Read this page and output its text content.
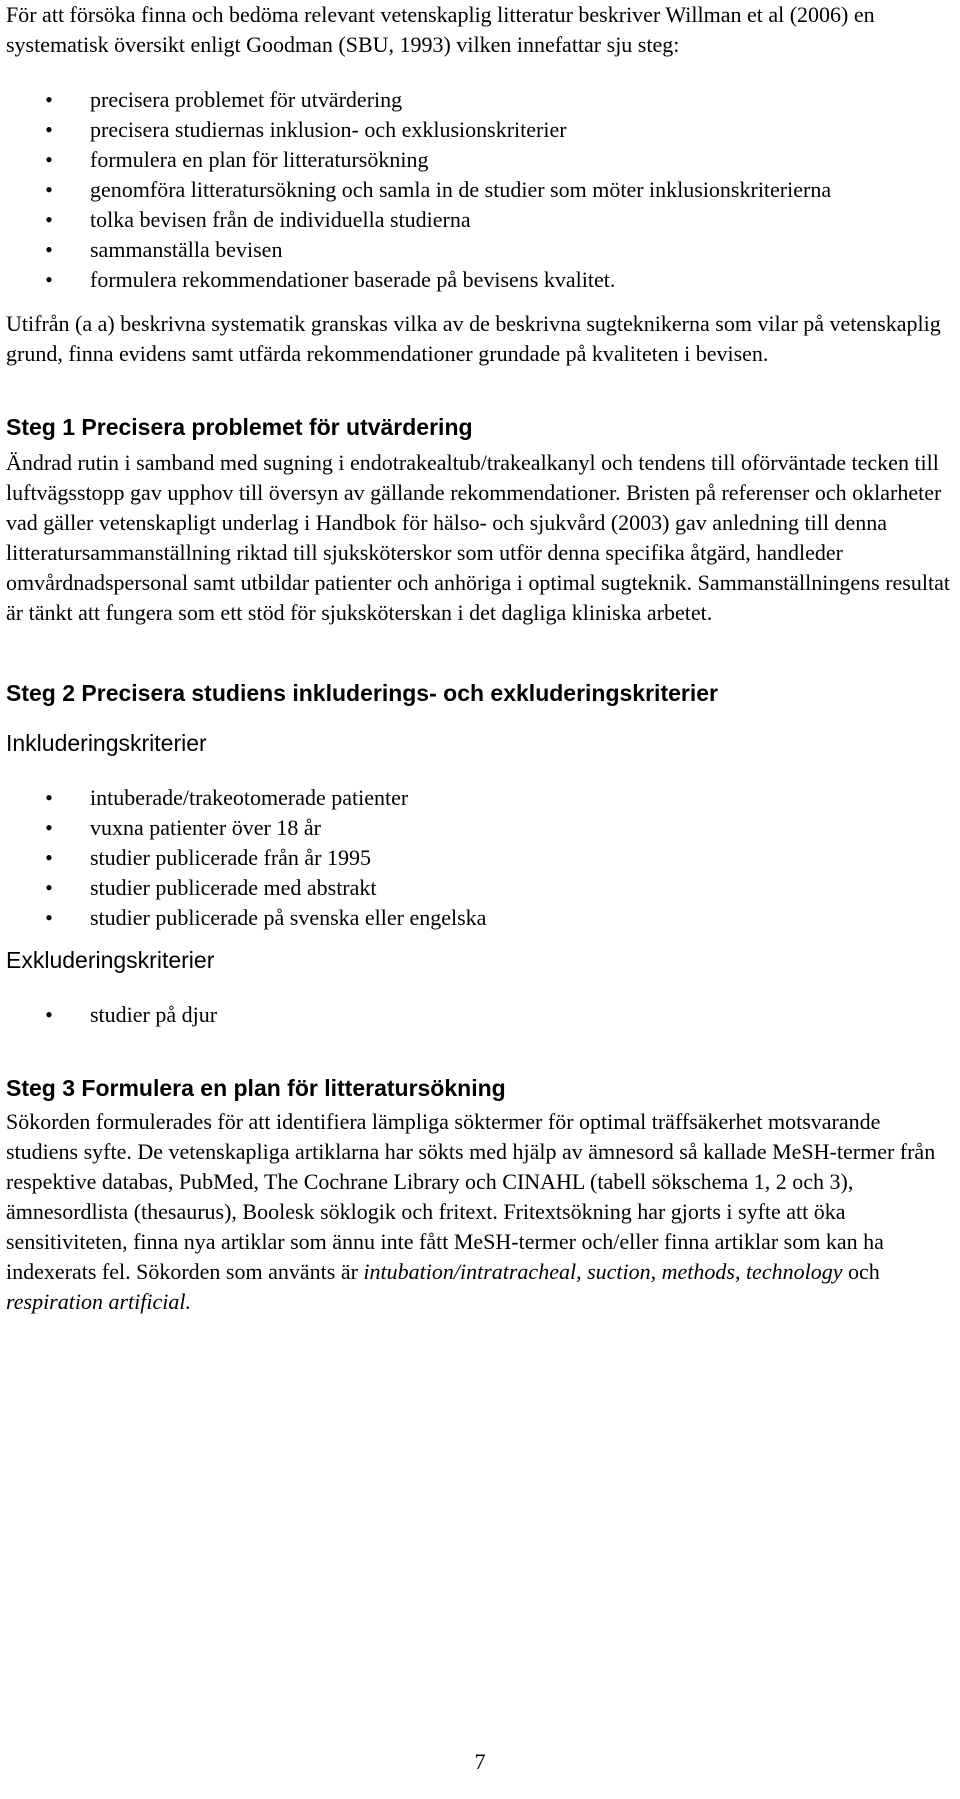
För att försöka finna och bedöma relevant vetenskaplig litteratur beskriver Willman et al (2006) en systematisk översikt enligt Goodman (SBU, 1993) vilken innefattar sju steg:

• precisera problemet för utvärdering
• precisera studiernas inklusion- och exklusionskriterier
• formulera en plan för litteratursökning
• genomföra litteratursökning och samla in de studier som möter inklusionskriterierna
• tolka bevisen från de individuella studierna
• sammanställa bevisen
• formulera rekommendationer baserade på bevisens kvalitet.

Utifrån (a a) beskrivna systematik granskas vilka av de beskrivna sugteknikerna som vilar på vetenskaplig grund, finna evidens samt utfärda rekommendationer grundade på kvaliteten i bevisen.

Steg 1 Precisera problemet för utvärdering

Ändrad rutin i samband med sugning i endotrakealtub/trakealkanyl och tendens till oförväntade tecken till luftvägsstopp gav upphov till översyn av gällande rekommendationer. Bristen på referenser och oklarheter vad gäller vetenskapligt underlag i Handbok för hälso- och sjukvård (2003) gav anledning till denna litteratursammanställning riktad till sjuksköterskor som utför denna specifika åtgärd, handleder omvårdnadspersonal samt utbildar patienter och anhöriga i optimal sugteknik. Sammanställningens resultat är tänkt att fungera som ett stöd för sjuksköterskan i det dagliga kliniska arbetet.

Steg 2 Precisera studiens inkluderings- och exkluderingskriterier
Inkluderingskriterier
• intuberade/trakeotomerade patienter
• vuxna patienter över 18 år
• studier publicerade från år 1995
• studier publicerade med abstrakt
• studier publicerade på svenska eller engelska
Exkluderingskriterier
• studier på djur
Steg 3 Formulera en plan för litteratursökning

Sökorden formulerades för att identifiera lämpliga söktermer för optimal träffsäkerhet motsvarande studiens syfte. De vetenskapliga artiklarna har sökts med hjälp av ämnesord så kallade MeSH-termer från respektive databas, PubMed, The Cochrane Library och CINAHL (tabell sökschema 1, 2 och 3), ämnesordlista (thesaurus), Boolesk söklogik och fritext. Fritextsökning har gjorts i syfte att öka sensitiviteten, finna nya artiklar som ännu inte fått MeSH-termer och/eller finna artiklar som kan ha indexerats fel. Sökorden som använts är intubation/intratracheal, suction, methods, technology och respiration artificial.

7
